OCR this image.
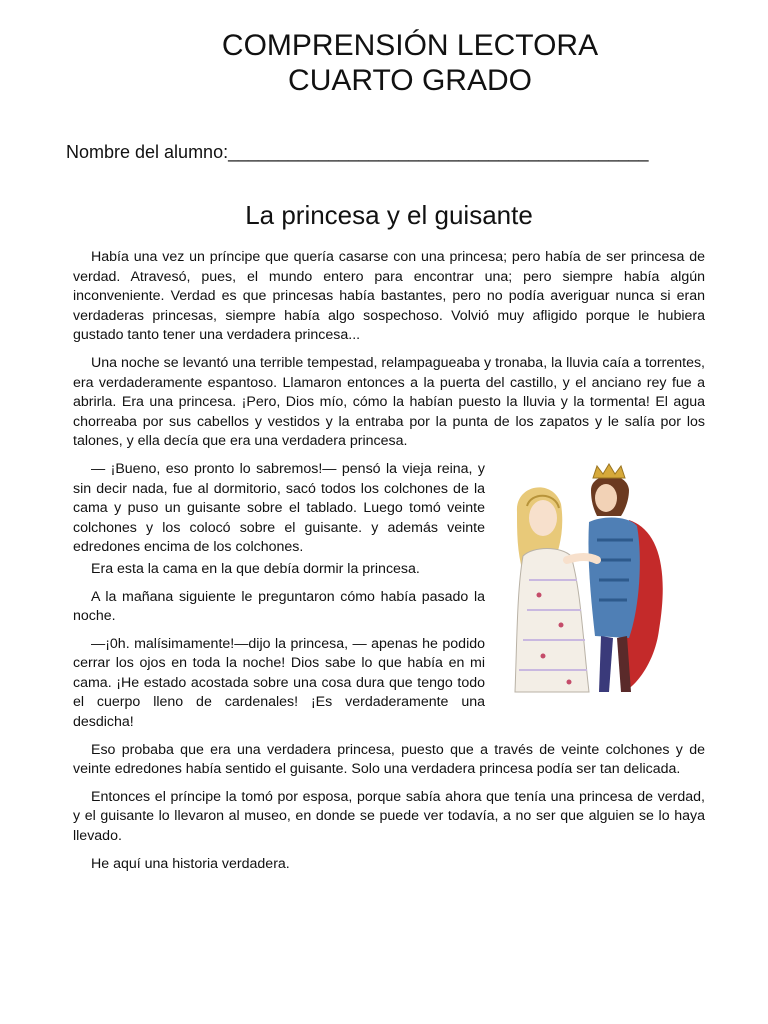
COMPRENSIÓN LECTORA
CUARTO GRADO
Nombre del alumno:__________________________________________
La princesa y el guisante

Había una vez un príncipe que quería casarse con una princesa; pero había de ser princesa de verdad. Atravesó, pues, el mundo entero para encontrar una; pero siempre había algún inconveniente. Verdad es que princesas había bastantes, pero no podía averiguar nunca si eran verdaderas princesas, siempre había algo sospechoso. Volvió muy afligido porque le hubiera gustado tanto tener una verdadera princesa...

Una noche se levantó una terrible tempestad, relampagueaba y tronaba, la lluvia caía a torrentes, era verdaderamente espantoso. Llamaron entonces a la puerta del castillo, y el anciano rey fue a abrirla. Era una princesa. ¡Pero, Dios mío, cómo la habían puesto la lluvia y la tormenta! El agua chorreaba por sus cabellos y vestidos y la entraba por la punta de los zapatos y le salía por los talones, y ella decía que era una verdadera princesa.

— ¡Bueno, eso pronto lo sabremos!— pensó la vieja reina, y sin decir nada, fue al dormitorio, sacó todos los colchones de la cama y puso un guisante sobre el tablado. Luego tomó veinte colchones y los colocó sobre el guisante. y además veinte edredones encima de los colchones.

Era esta la cama en la que debía dormir la princesa.

A la mañana siguiente le preguntaron cómo había pasado la noche.

—¡0h. malísimamente!—dijo la princesa, — apenas he podido cerrar los ojos en toda la noche! Dios sabe lo que había en mi cama. ¡He estado acostada sobre una cosa dura que tengo todo el cuerpo lleno de cardenales! ¡Es verdaderamente una desdicha!

Eso probaba que era una verdadera princesa, puesto que a través de veinte colchones y de veinte edredones había sentido el guisante. Solo una verdadera princesa podía ser tan delicada.

Entonces el príncipe la tomó por esposa, porque sabía ahora que tenía una princesa de verdad, y el guisante lo llevaron al museo, en donde se puede ver todavía, a no ser que alguien se lo haya llevado.

He aquí una historia verdadera.
